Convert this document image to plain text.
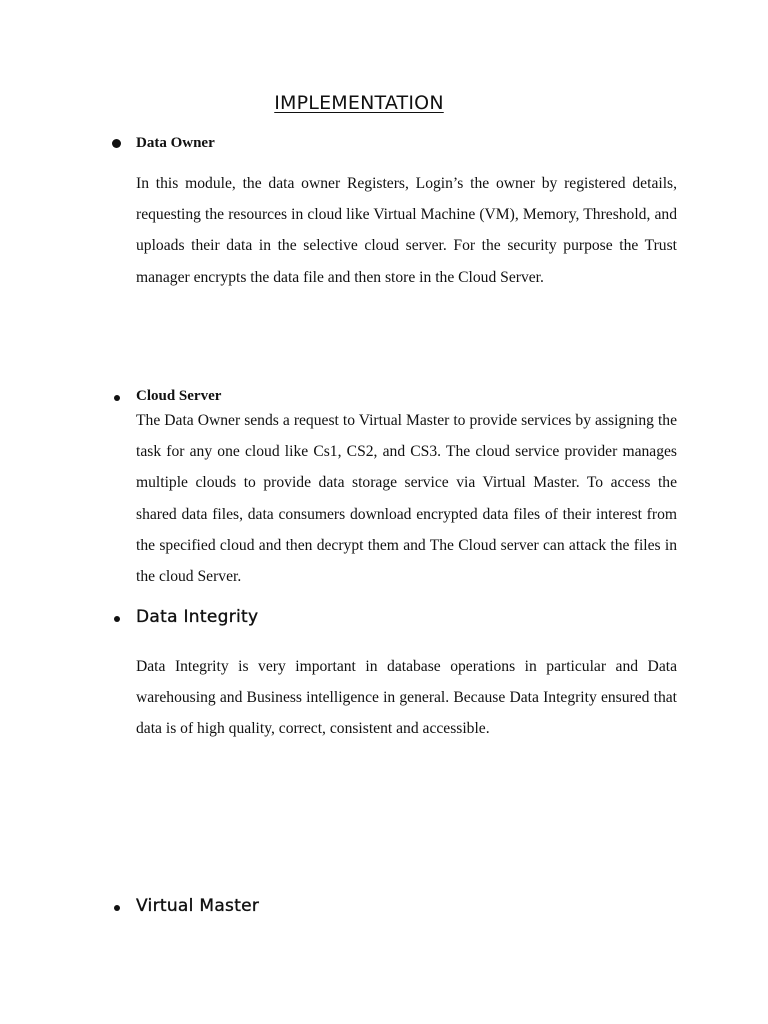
IMPLEMENTATION
Data Owner

In this module, the data owner Registers, Login’s the owner by registered details, requesting the resources in cloud like Virtual Machine (VM), Memory, Threshold, and uploads their data in the selective cloud server. For the security purpose the Trust manager encrypts the data file and then store in the Cloud Server.

Cloud Server

The Data Owner sends a request to Virtual Master to provide services by assigning the task for any one cloud like Cs1, CS2, and CS3. The cloud service provider manages multiple clouds to provide data storage service via Virtual Master. To access the shared data files, data consumers download encrypted data files of their interest from the specified cloud and then decrypt them and The Cloud server can attack the files in the cloud Server.

Data Integrity

Data Integrity is very important in database operations in particular and Data warehousing and Business intelligence in general. Because Data Integrity ensured that data is of high quality, correct, consistent and accessible.

Virtual Master
